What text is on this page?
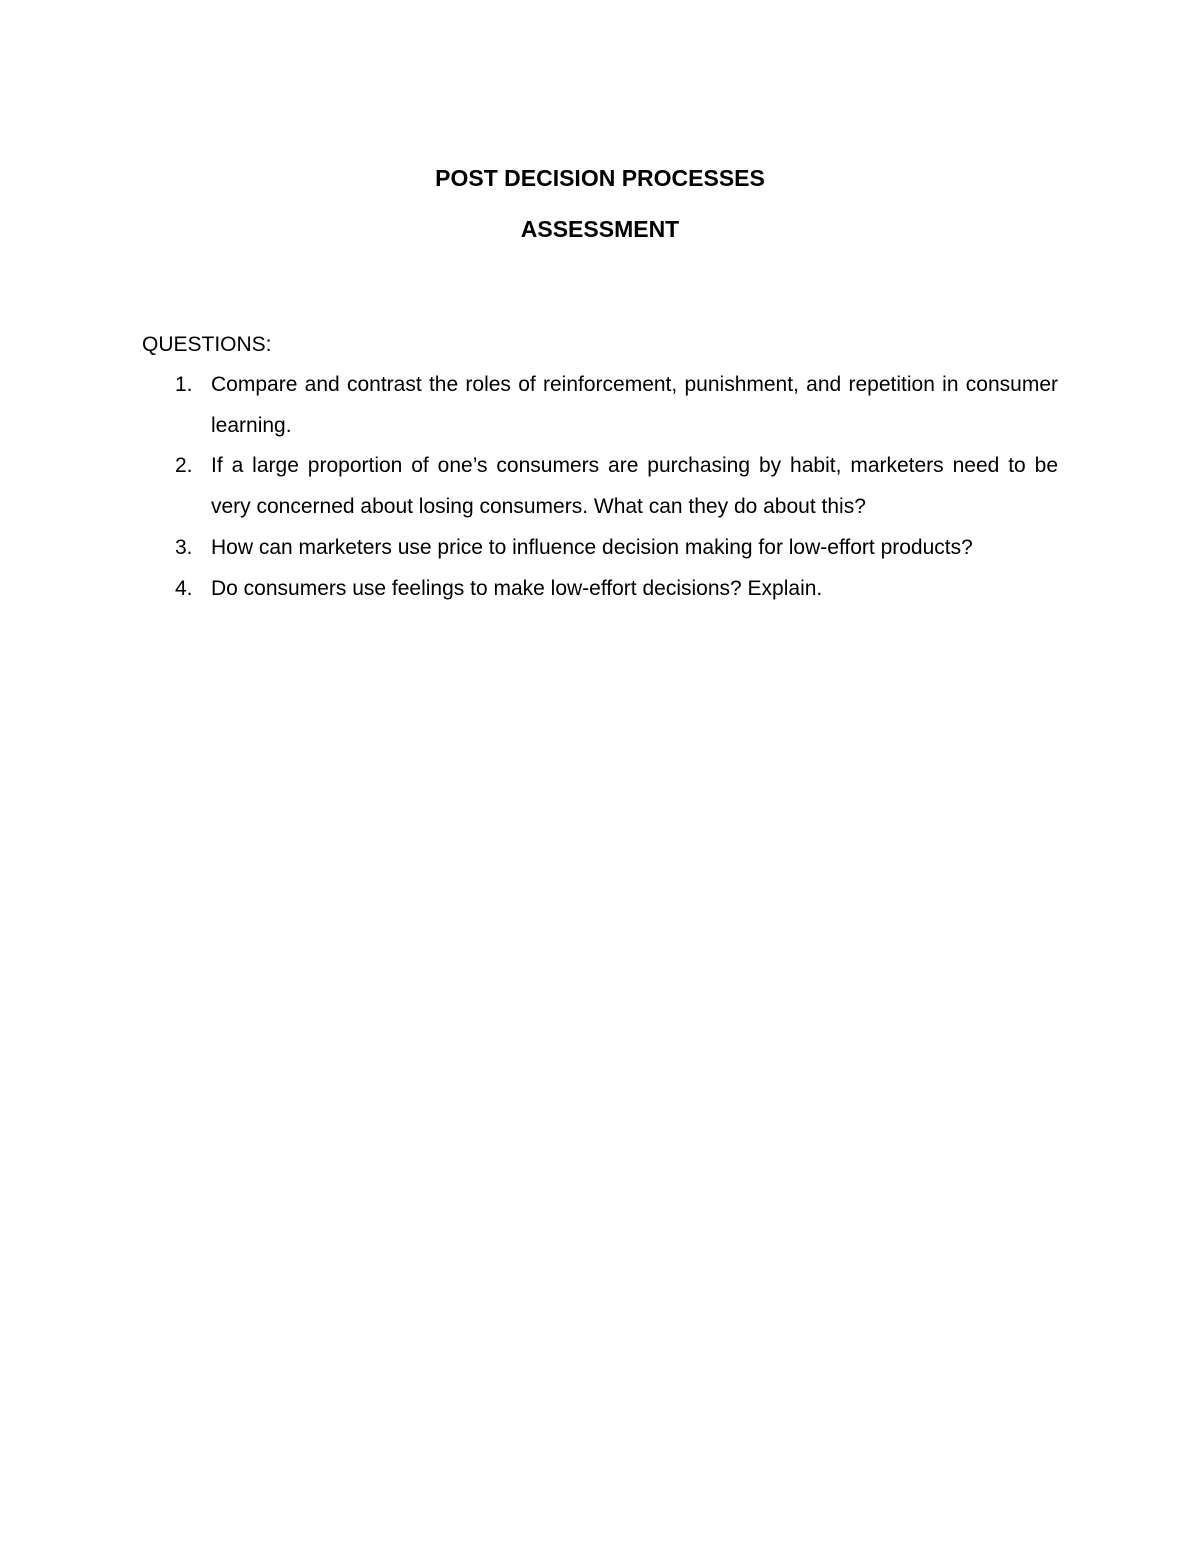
POST DECISION PROCESSES
ASSESSMENT

QUESTIONS:

1. Compare and contrast the roles of reinforcement, punishment, and repetition in consumer learning.
2. If a large proportion of one’s consumers are purchasing by habit, marketers need to be very concerned about losing consumers. What can they do about this?
3. How can marketers use price to influence decision making for low-effort products?
4. Do consumers use feelings to make low-effort decisions? Explain.
